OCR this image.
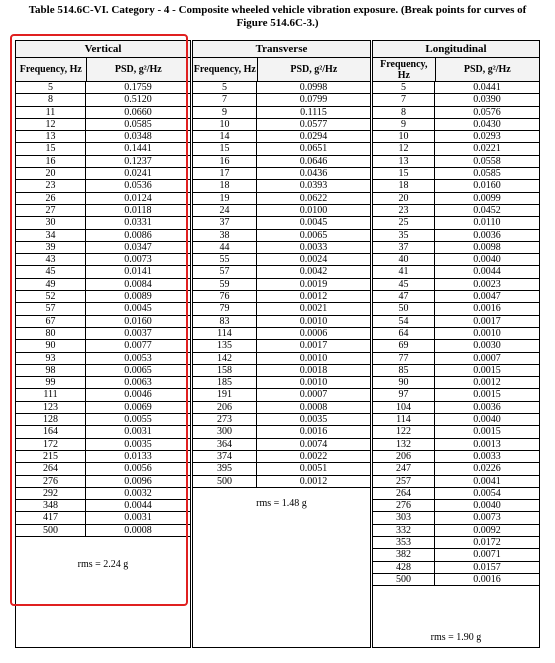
Table 514.6C-VI. Category - 4 - Composite wheeled vehicle vibration exposure. (Break points for curves of Figure 514.6C-3.)
Vertical
Frequency, Hz	PSD, g²/Hz
5	0.1759
8	0.5120
11	0.0660
12	0.0585
13	0.0348
15	0.1441
16	0.1237
20	0.0241
23	0.0536
26	0.0124
27	0.0118
30	0.0331
34	0.0086
39	0.0347
43	0.0073
45	0.0141
49	0.0084
52	0.0089
57	0.0045
67	0.0160
80	0.0037
90	0.0077
93	0.0053
98	0.0065
99	0.0063
111	0.0046
123	0.0069
128	0.0055
164	0.0031
172	0.0035
215	0.0133
264	0.0056
276	0.0096
292	0.0032
348	0.0044
417	0.0031
500	0.0008
rms = 2.24 g
Transverse
Frequency, Hz	PSD, g²/Hz
5	0.0998
7	0.0799
9	0.1115
10	0.0577
14	0.0294
15	0.0651
16	0.0646
17	0.0436
18	0.0393
19	0.0622
24	0.0100
37	0.0045
38	0.0065
44	0.0033
55	0.0024
57	0.0042
59	0.0019
76	0.0012
79	0.0021
83	0.0010
114	0.0006
135	0.0017
142	0.0010
158	0.0018
185	0.0010
191	0.0007
206	0.0008
273	0.0035
300	0.0016
364	0.0074
374	0.0022
395	0.0051
500	0.0012
rms = 1.48 g
Longitudinal
Frequency, Hz	PSD, g²/Hz
5	0.0441
7	0.0390
8	0.0576
9	0.0430
10	0.0293
12	0.0221
13	0.0558
15	0.0585
18	0.0160
20	0.0099
23	0.0452
25	0.0110
35	0.0036
37	0.0098
40	0.0040
41	0.0044
45	0.0023
47	0.0047
50	0.0016
54	0.0017
64	0.0010
69	0.0030
77	0.0007
85	0.0015
90	0.0012
97	0.0015
104	0.0036
114	0.0040
122	0.0015
132	0.0013
206	0.0033
247	0.0226
257	0.0041
264	0.0054
276	0.0040
303	0.0073
332	0.0092
353	0.0172
382	0.0071
428	0.0157
500	0.0016
rms = 1.90 g
